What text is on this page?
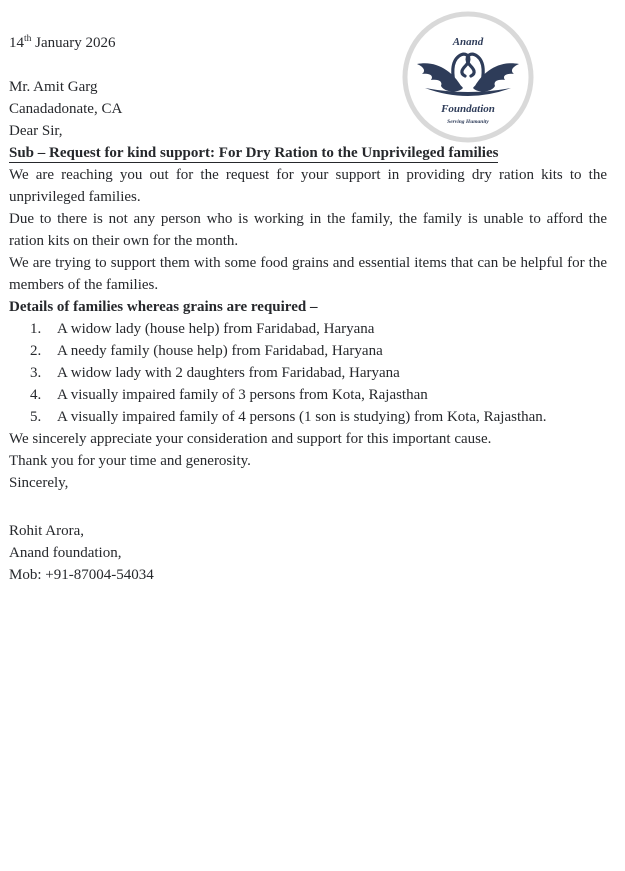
14th January 2026

Mr. Amit Garg

Canadadonate, CA

Anand
Foundation
Serving Humanity

Dear Sir,

Sub – Request for kind support: For Dry Ration to the Unprivileged families

We are reaching you out for the request for your support in providing dry ration kits to the unprivileged families.

Due to there is not any person who is working in the family, the family is unable to afford the ration kits on their own for the month.

We are trying to support them with some food grains and essential items that can be helpful for the members of the families.

Details of families whereas grains are required –

1.	A widow lady (house help) from Faridabad, Haryana
2.	A needy family (house help) from Faridabad, Haryana
3.	A widow lady with 2 daughters from Faridabad, Haryana
4.	A visually impaired family of 3 persons from Kota, Rajasthan
5.	A visually impaired family of 4 persons (1 son is studying) from Kota, Rajasthan.

We sincerely appreciate your consideration and support for this important cause.

Thank you for your time and generosity.

Sincerely,

Rohit Arora,

Anand foundation,

Mob: +91-87004-54034
